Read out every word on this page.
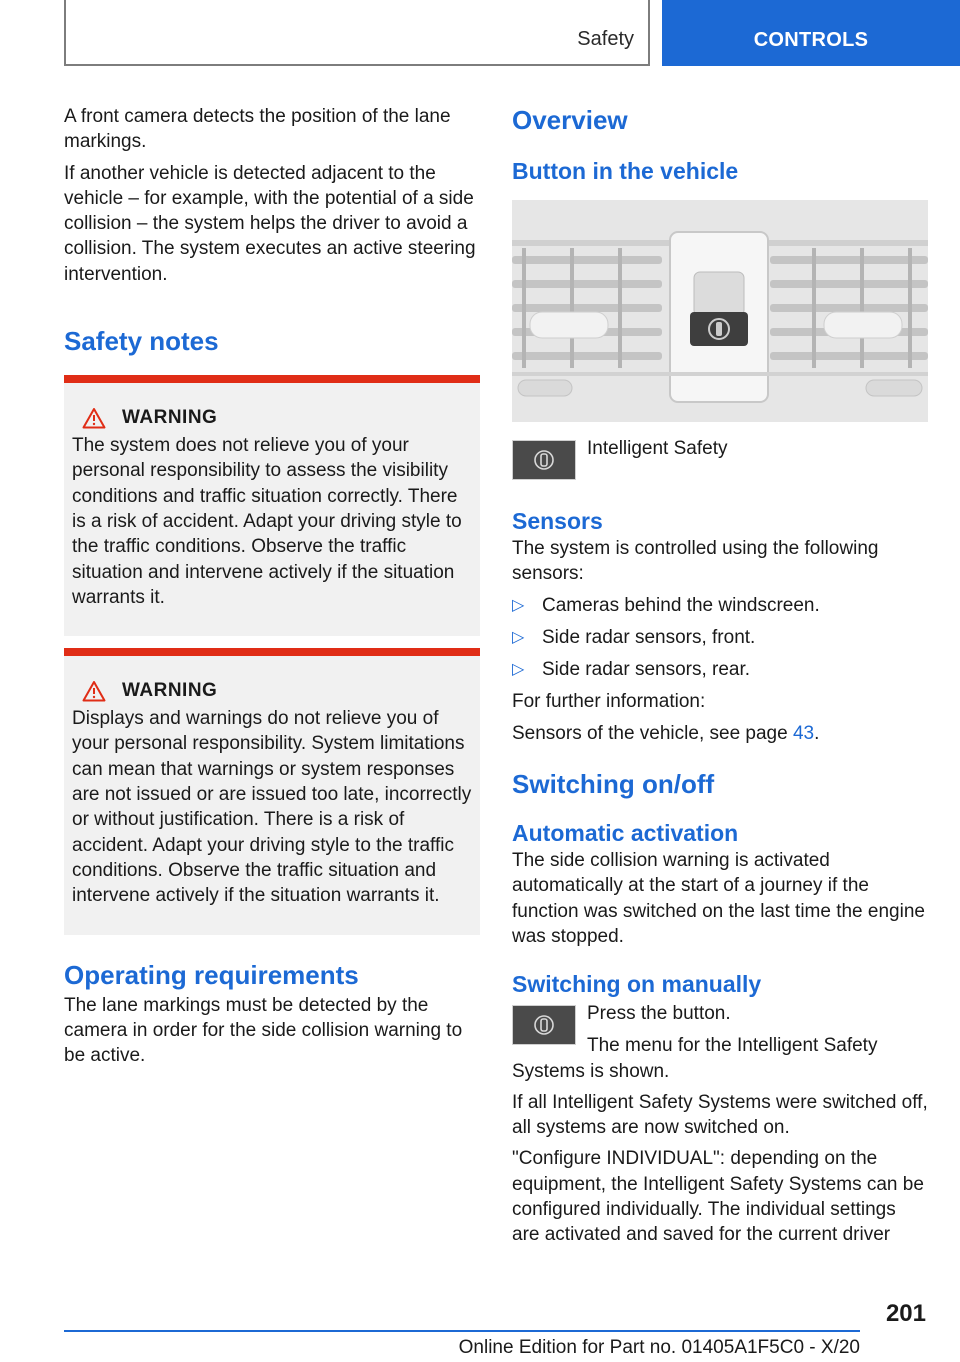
Safety	CONTROLS

A front camera detects the position of the lane markings.

If another vehicle is detected adjacent to the vehicle – for example, with the potential of a side collision – the system helps the driver to avoid a collision. The system executes an active steering intervention.

Safety notes
WARNING

The system does not relieve you of your personal responsibility to assess the visibility conditions and traffic situation correctly. There is a risk of accident. Adapt your driving style to the traffic conditions. Observe the traffic situation and intervene actively if the situation warrants it.

WARNING

Displays and warnings do not relieve you of your personal responsibility. System limitations can mean that warnings or system responses are not issued or are issued too late, incorrectly or without justification. There is a risk of accident. Adapt your driving style to the traffic conditions. Observe the traffic situation and intervene actively if the situation warrants it.

Operating requirements

The lane markings must be detected by the camera in order for the side collision warning to be active.

Overview
Button in the vehicle
Intelligent Safety
Sensors

The system is controlled using the following sensors:

▷ Cameras behind the windscreen.
▷ Side radar sensors, front.
▷ Side radar sensors, rear.

For further information:

Sensors of the vehicle, see page 43.

Switching on/off
Automatic activation

The side collision warning is activated automatically at the start of a journey if the function was switched on the last time the engine was stopped.

Switching on manually
Press the button.

The menu for the Intelligent Safety Systems is shown.

If all Intelligent Safety Systems were switched off, all systems are now switched on.

"Configure INDIVIDUAL": depending on the equipment, the Intelligent Safety Systems can be configured individually. The individual settings are activated and saved for the current driver

201
Online Edition for Part no. 01405A1F5C0 - X/20
